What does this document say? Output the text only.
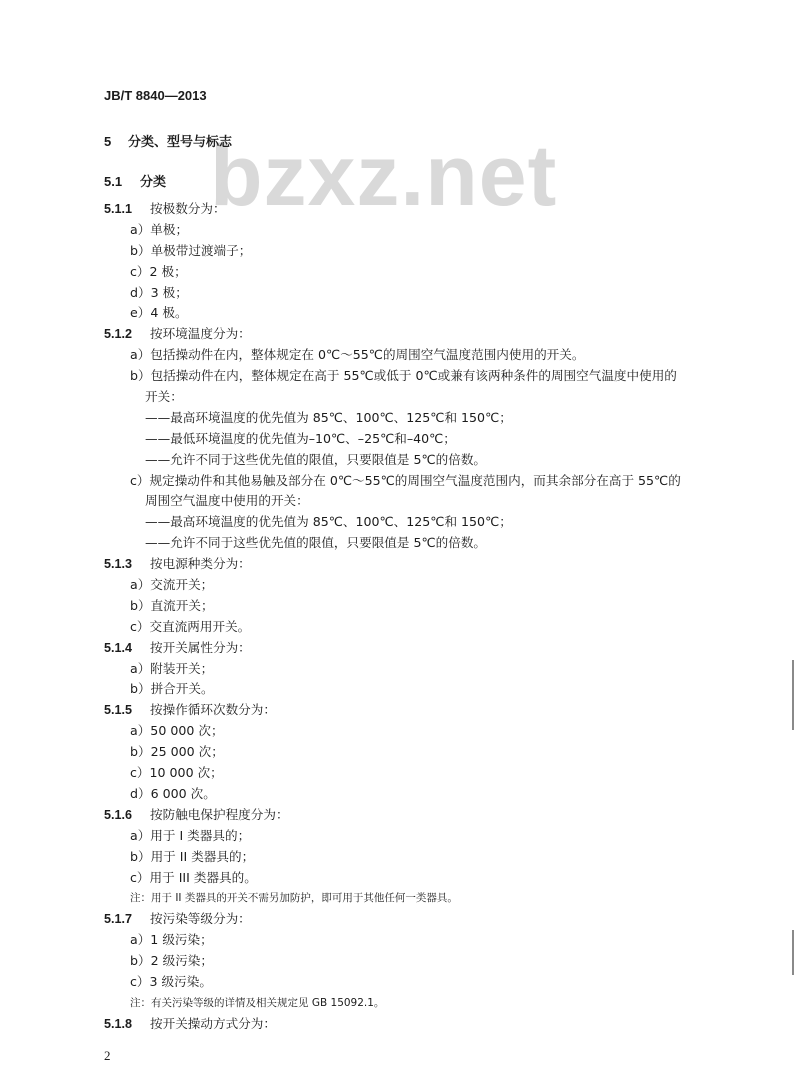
bzxz.net
JB/T 8840—2013
5 分类、型号与标志
5.1 分类
5.1.1 按极数分为：
a）单极；
b）单极带过渡端子；
c）2 极；
d）3 极；
e）4 极。
5.1.2 按环境温度分为：
a）包括操动件在内，整体规定在 0℃～55℃的周围空气温度范围内使用的开关。
b）包括操动件在内，整体规定在高于 55℃或低于 0℃或兼有该两种条件的周围空气温度中使用的
开关：
——最高环境温度的优先值为 85℃、100℃、125℃和 150℃；
——最低环境温度的优先值为–10℃、–25℃和–40℃；
——允许不同于这些优先值的限值，只要限值是 5℃的倍数。
c）规定操动件和其他易触及部分在 0℃～55℃的周围空气温度范围内，而其余部分在高于 55℃的
周围空气温度中使用的开关：
——最高环境温度的优先值为 85℃、100℃、125℃和 150℃；
——允许不同于这些优先值的限值，只要限值是 5℃的倍数。
5.1.3 按电源种类分为：
a）交流开关；
b）直流开关；
c）交直流两用开关。
5.1.4 按开关属性分为：
a）附装开关；
b）拼合开关。
5.1.5 按操作循环次数分为：
a）50 000 次；
b）25 000 次；
c）10 000 次；
d）6 000 次。
5.1.6 按防触电保护程度分为：
a）用于 I 类器具的；
b）用于 II 类器具的；
c）用于 III 类器具的。
注：用于 II 类器具的开关不需另加防护，即可用于其他任何一类器具。
5.1.7 按污染等级分为：
a）1 级污染；
b）2 级污染；
c）3 级污染。
注：有关污染等级的详情及相关规定见 GB 15092.1。
5.1.8 按开关操动方式分为：
2
